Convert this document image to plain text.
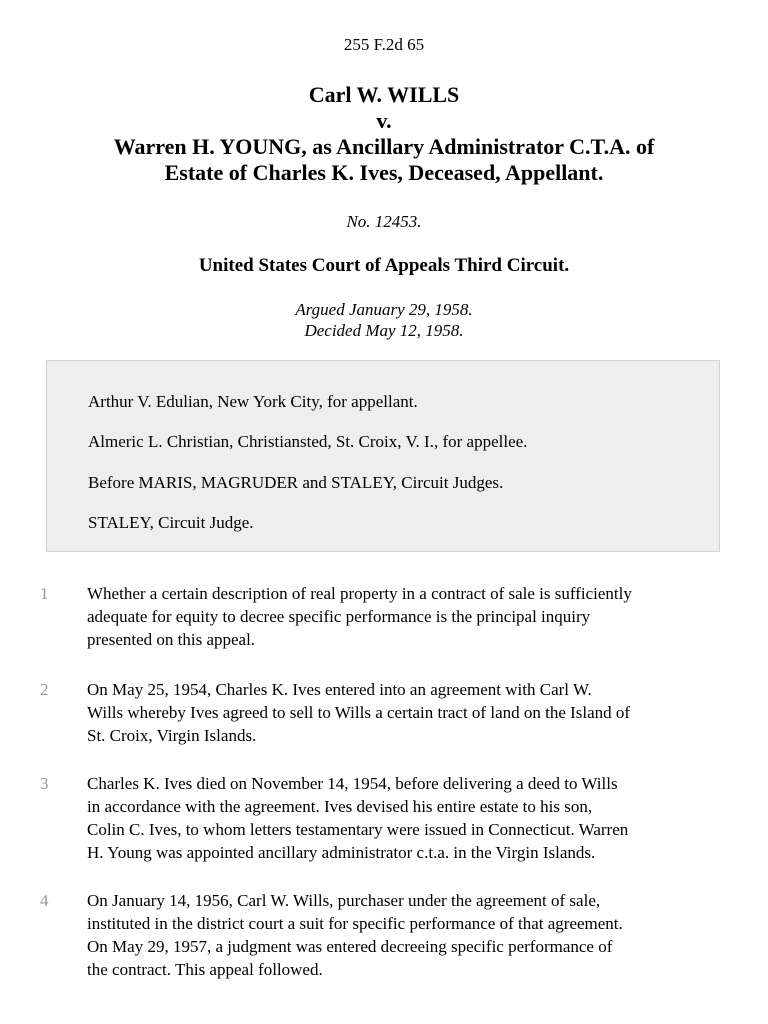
255 F.2d 65
Carl W. WILLS
v.
Warren H. YOUNG, as Ancillary Administrator C.T.A. of
Estate of Charles K. Ives, Deceased, Appellant.
No. 12453.
United States Court of Appeals Third Circuit.
Argued January 29, 1958.
Decided May 12, 1958.
Arthur V. Edulian, New York City, for appellant.
Almeric L. Christian, Christiansted, St. Croix, V. I., for appellee.
Before MARIS, MAGRUDER and STALEY, Circuit Judges.
STALEY, Circuit Judge.
1	Whether a certain description of real property in a contract of sale is sufficiently
adequate for equity to decree specific performance is the principal inquiry
presented on this appeal.
2	On May 25, 1954, Charles K. Ives entered into an agreement with Carl W.
Wills whereby Ives agreed to sell to Wills a certain tract of land on the Island of
St. Croix, Virgin Islands.
3	Charles K. Ives died on November 14, 1954, before delivering a deed to Wills
in accordance with the agreement. Ives devised his entire estate to his son,
Colin C. Ives, to whom letters testamentary were issued in Connecticut. Warren
H. Young was appointed ancillary administrator c.t.a. in the Virgin Islands.
4	On January 14, 1956, Carl W. Wills, purchaser under the agreement of sale,
instituted in the district court a suit for specific performance of that agreement.
On May 29, 1957, a judgment was entered decreeing specific performance of
the contract. This appeal followed.
